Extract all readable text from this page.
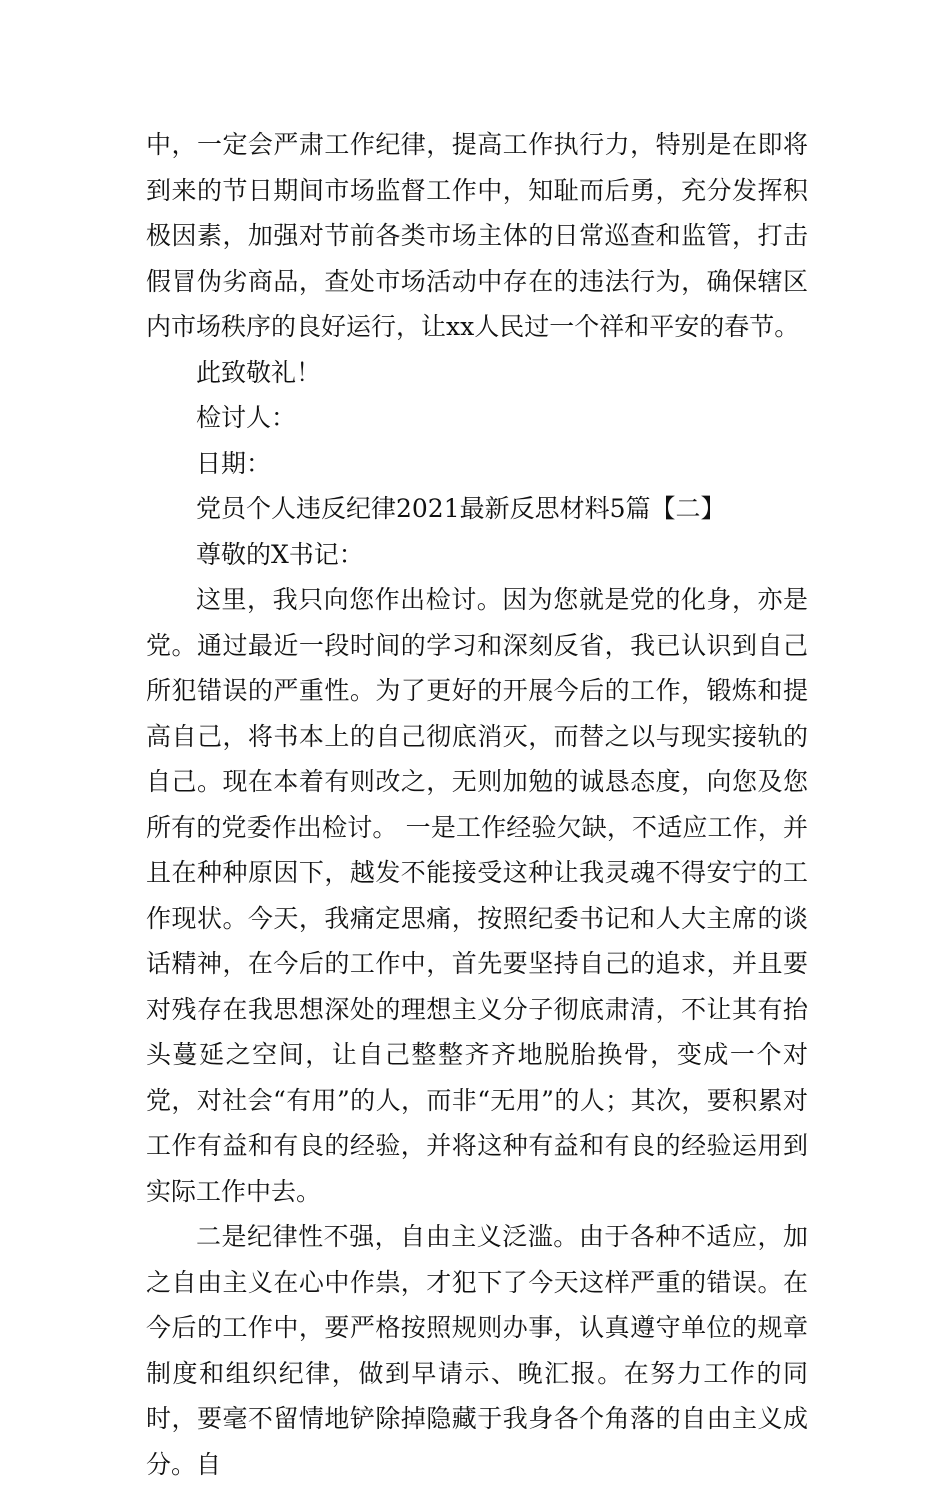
中，一定会严肃工作纪律，提高工作执行力，特别是在即将到来的节日期间市场监督工作中，知耻而后勇，充分发挥积极因素，加强对节前各类市场主体的日常巡查和监管，打击假冒伪劣商品，查处市场活动中存在的违法行为，确保辖区内市场秩序的良好运行，让xx人民过一个祥和平安的春节。

此致敬礼！

检讨人：

日期：

党员个人违反纪律2021最新反思材料5篇【二】

尊敬的X书记：

这里，我只向您作出检讨。因为您就是党的化身，亦是党。通过最近一段时间的学习和深刻反省，我已认识到自己所犯错误的严重性。为了更好的开展今后的工作，锻炼和提高自己，将书本上的自己彻底消灭，而替之以与现实接轨的自己。现在本着有则改之，无则加勉的诚恳态度，向您及您所有的党委作出检讨。 一是工作经验欠缺，不适应工作，并且在种种原因下，越发不能接受这种让我灵魂不得安宁的工作现状。今天，我痛定思痛，按照纪委书记和人大主席的谈话精神，在今后的工作中，首先要坚持自己的追求，并且要对残存在我思想深处的理想主义分子彻底肃清，不让其有抬头蔓延之空间，让自己整整齐齐地脱胎换骨，变成一个对党，对社会“有用”的人，而非“无用”的人；其次，要积累对工作有益和有良的经验，并将这种有益和有良的经验运用到实际工作中去。

二是纪律性不强，自由主义泛滥。由于各种不适应，加之自由主义在心中作祟，才犯下了今天这样严重的错误。在今后的工作中，要严格按照规则办事，认真遵守单位的规章制度和组织纪律，做到早请示、晚汇报。在努力工作的同时，要毫不留情地铲除掉隐藏于我身各个角落的自由主义成分。自
